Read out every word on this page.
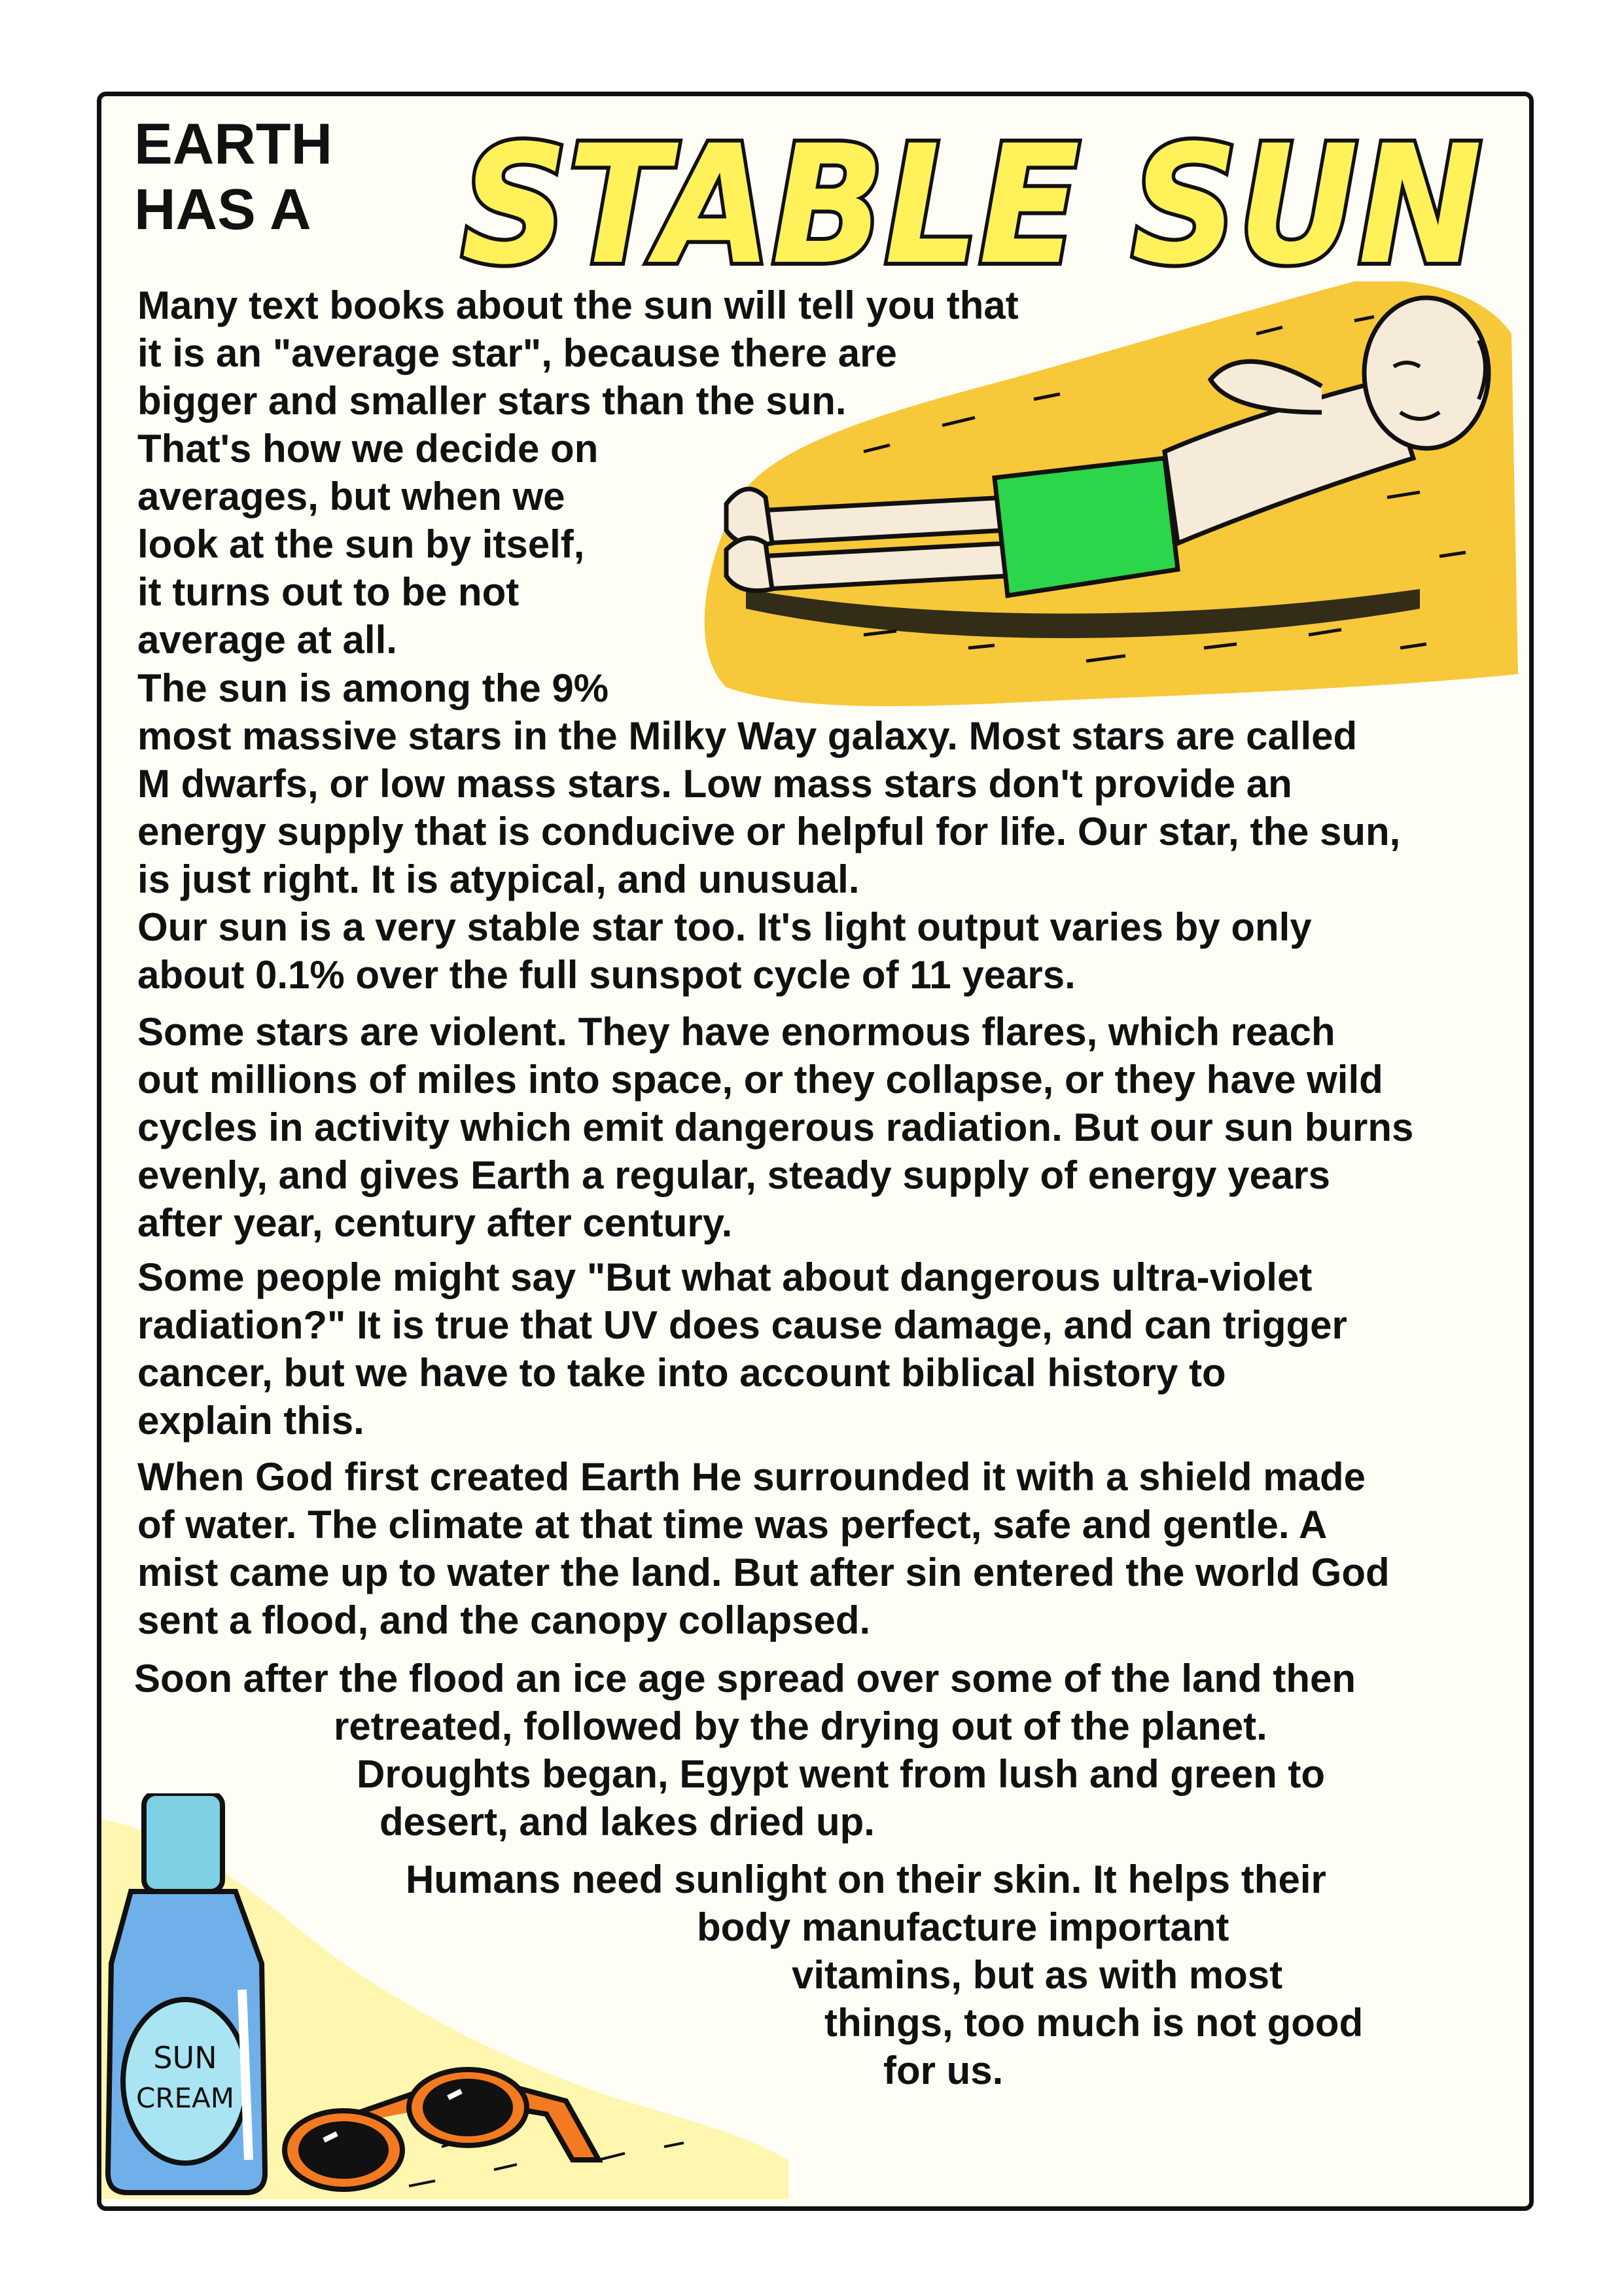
SUN
CREAM
STABLE SUN
EARTH
HAS A
Many text books about the sun will tell you that
it is an "average star", because there are
bigger and smaller stars than the sun.
That's how we decide on
averages, but when we
look at the sun by itself,
it turns out to be not
average at all.
The sun is among the 9%
most massive stars in the Milky Way galaxy. Most stars are called
M dwarfs, or low mass stars. Low mass stars don't provide an
energy supply that is conducive or helpful for life. Our star, the sun,
is just right. It is atypical, and unusual.
Our sun is a very stable star too. It's light output varies by only
about 0.1% over the full sunspot cycle of 11 years.
Some stars are violent. They have enormous flares, which reach
out millions of miles into space, or they collapse, or they have wild
cycles in activity which emit dangerous radiation. But our sun burns
evenly, and gives Earth a regular, steady supply of energy years
after year, century after century.
Some people might say "But what about dangerous ultra-violet
radiation?" It is true that UV does cause damage, and can trigger
cancer, but we have to take into account biblical history to
explain this.
When God first created Earth He surrounded it with a shield made
of water. The climate at that time was perfect, safe and gentle. A
mist came up to water the land. But after sin entered the world God
sent a flood, and the canopy collapsed.
Soon after the flood an ice age spread over some of the land then
retreated, followed by the drying out of the planet.
Droughts began, Egypt went from lush and green to
desert, and lakes dried up.
Humans need sunlight on their skin. It helps their
body manufacture important
vitamins, but as with most
things, too much is not good
for us.
